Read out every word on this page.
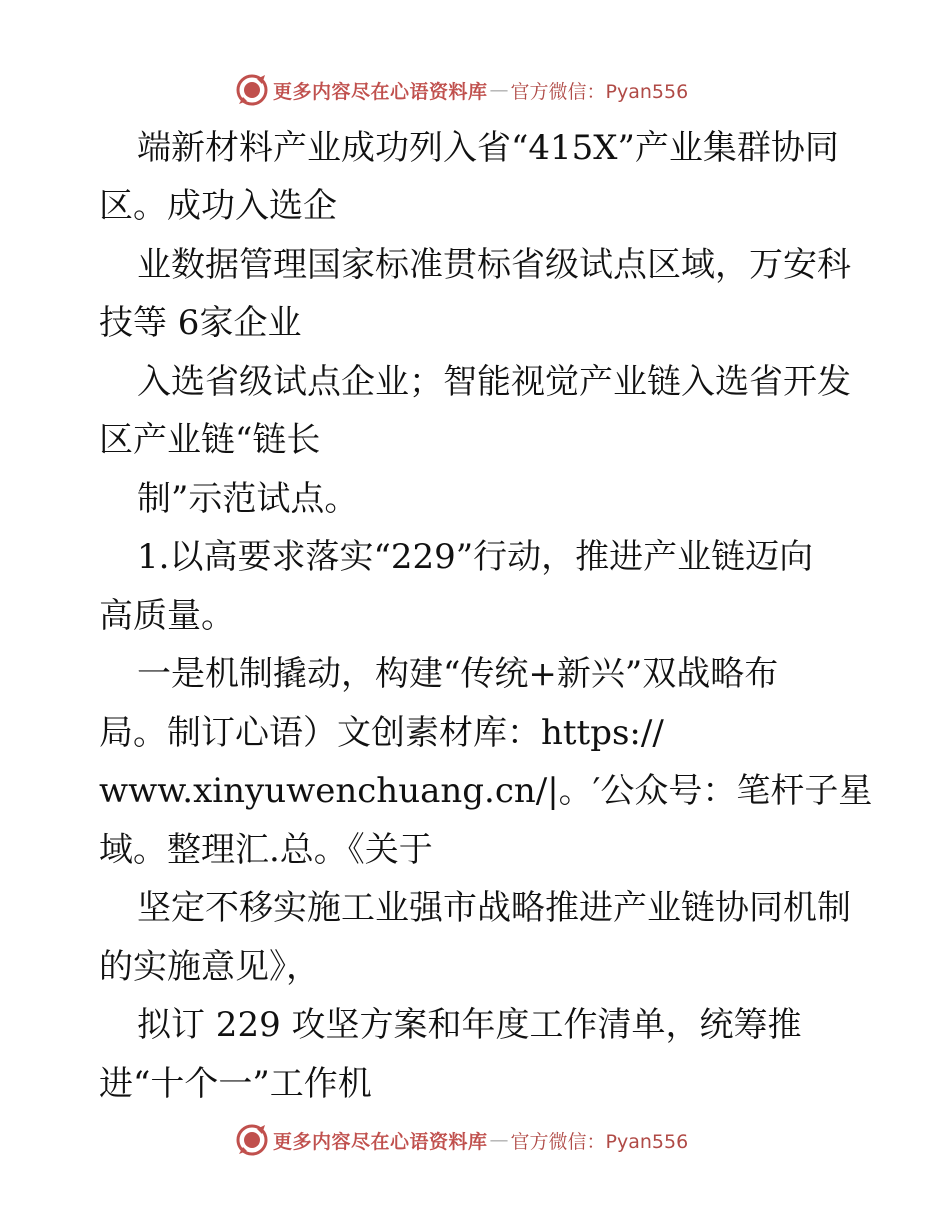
更多内容尽在心语资料库 — 官方微信：Pyan556
端新材料产业成功列入省“415X”产业集群协同
区。成功入选企
业数据管理国家标准贯标省级试点区域，万安科
技等 6家企业
入选省级试点企业；智能视觉产业链入选省开发
区产业链“链长
制”示范试点。
1.以高要求落实“229”行动，推进产业链迈向
高质量。
一是机制撬动，构建“传统+新兴”双战略布
局。制订心语）文创素材库：https://
www.xinyuwenchuang.cn/|。′公众号：笔杆子星
域。整理汇.总。《关于
坚定不移实施工业强市战略推进产业链协同机制
的实施意见》，
拟订 229 攻坚方案和年度工作清单，统筹推
进“十个一”工作机
更多内容尽在心语资料库 — 官方微信：Pyan556
